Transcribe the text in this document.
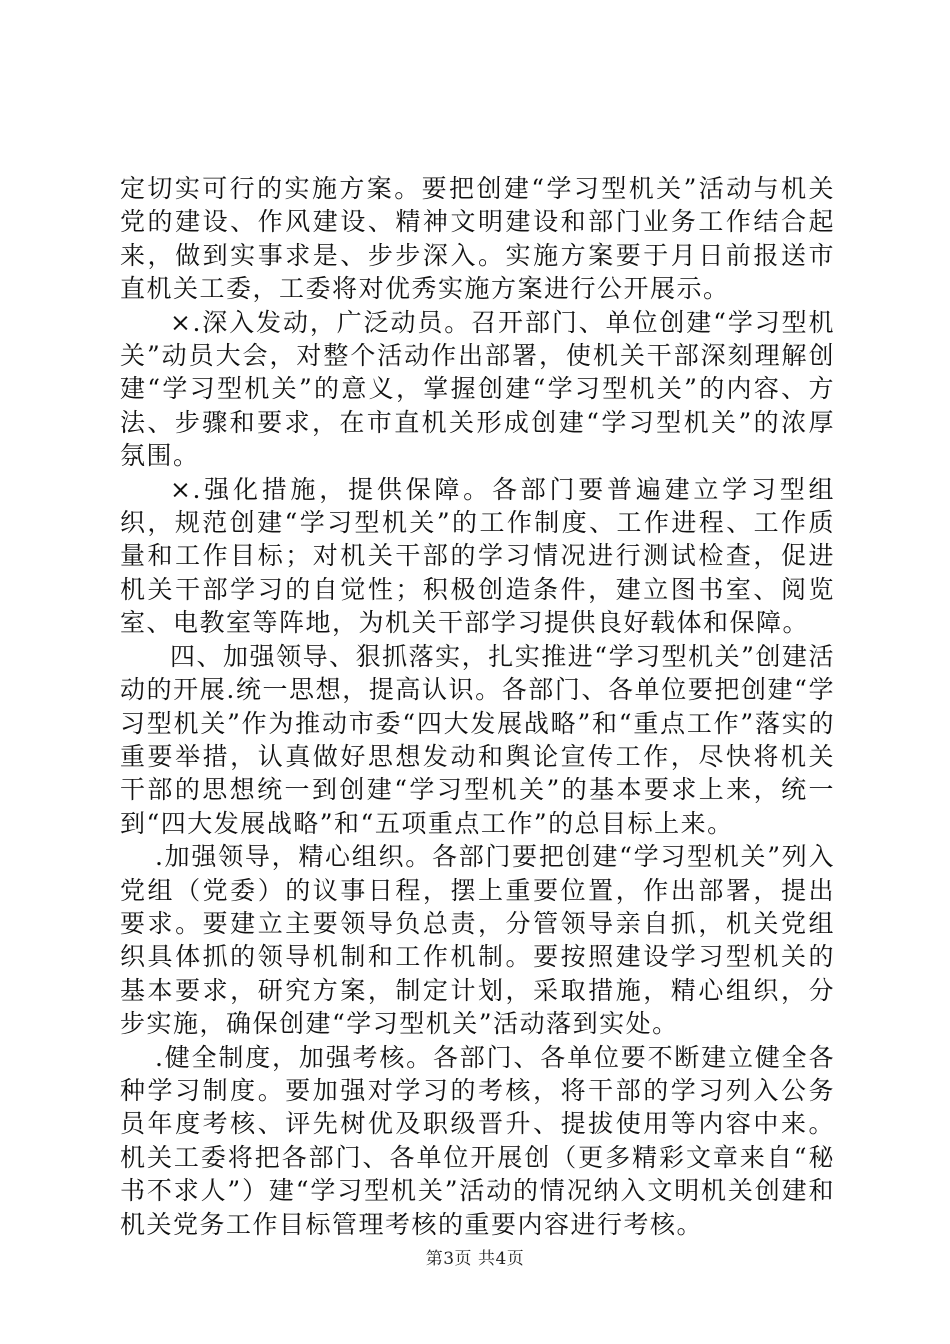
定切实可行的实施方案。要把创建“学习型机关”活动与机关党的建设、作风建设、精神文明建设和部门业务工作结合起来，做到实事求是、步步深入。实施方案要于月日前报送市直机关工委，工委将对优秀实施方案进行公开展示。

×.深入发动，广泛动员。召开部门、单位创建“学习型机关”动员大会，对整个活动作出部署，使机关干部深刻理解创建“学习型机关”的意义，掌握创建“学习型机关”的内容、方法、步骤和要求，在市直机关形成创建“学习型机关”的浓厚氛围。

×.强化措施，提供保障。各部门要普遍建立学习型组织，规范创建“学习型机关”的工作制度、工作进程、工作质量和工作目标；对机关干部的学习情况进行测试检查，促进机关干部学习的自觉性；积极创造条件，建立图书室、阅览室、电教室等阵地，为机关干部学习提供良好载体和保障。

四、加强领导、狠抓落实，扎实推进“学习型机关”创建活动的开展.统一思想，提高认识。各部门、各单位要把创建“学习型机关”作为推动市委“四大发展战略”和“重点工作”落实的重要举措，认真做好思想发动和舆论宣传工作，尽快将机关干部的思想统一到创建“学习型机关”的基本要求上来，统一到“四大发展战略”和“五项重点工作”的总目标上来。

.加强领导，精心组织。各部门要把创建“学习型机关”列入党组（党委）的议事日程，摆上重要位置，作出部署，提出要求。要建立主要领导负总责，分管领导亲自抓，机关党组织具体抓的领导机制和工作机制。要按照建设学习型机关的基本要求，研究方案，制定计划，采取措施，精心组织，分步实施，确保创建“学习型机关”活动落到实处。

.健全制度，加强考核。各部门、各单位要不断建立健全各种学习制度。要加强对学习的考核，将干部的学习列入公务员年度考核、评先树优及职级晋升、提拔使用等内容中来。机关工委将把各部门、各单位开展创（更多精彩文章来自“秘书不求人”）建“学习型机关”活动的情况纳入文明机关创建和机关党务工作目标管理考核的重要内容进行考核。

第3页 共4页
